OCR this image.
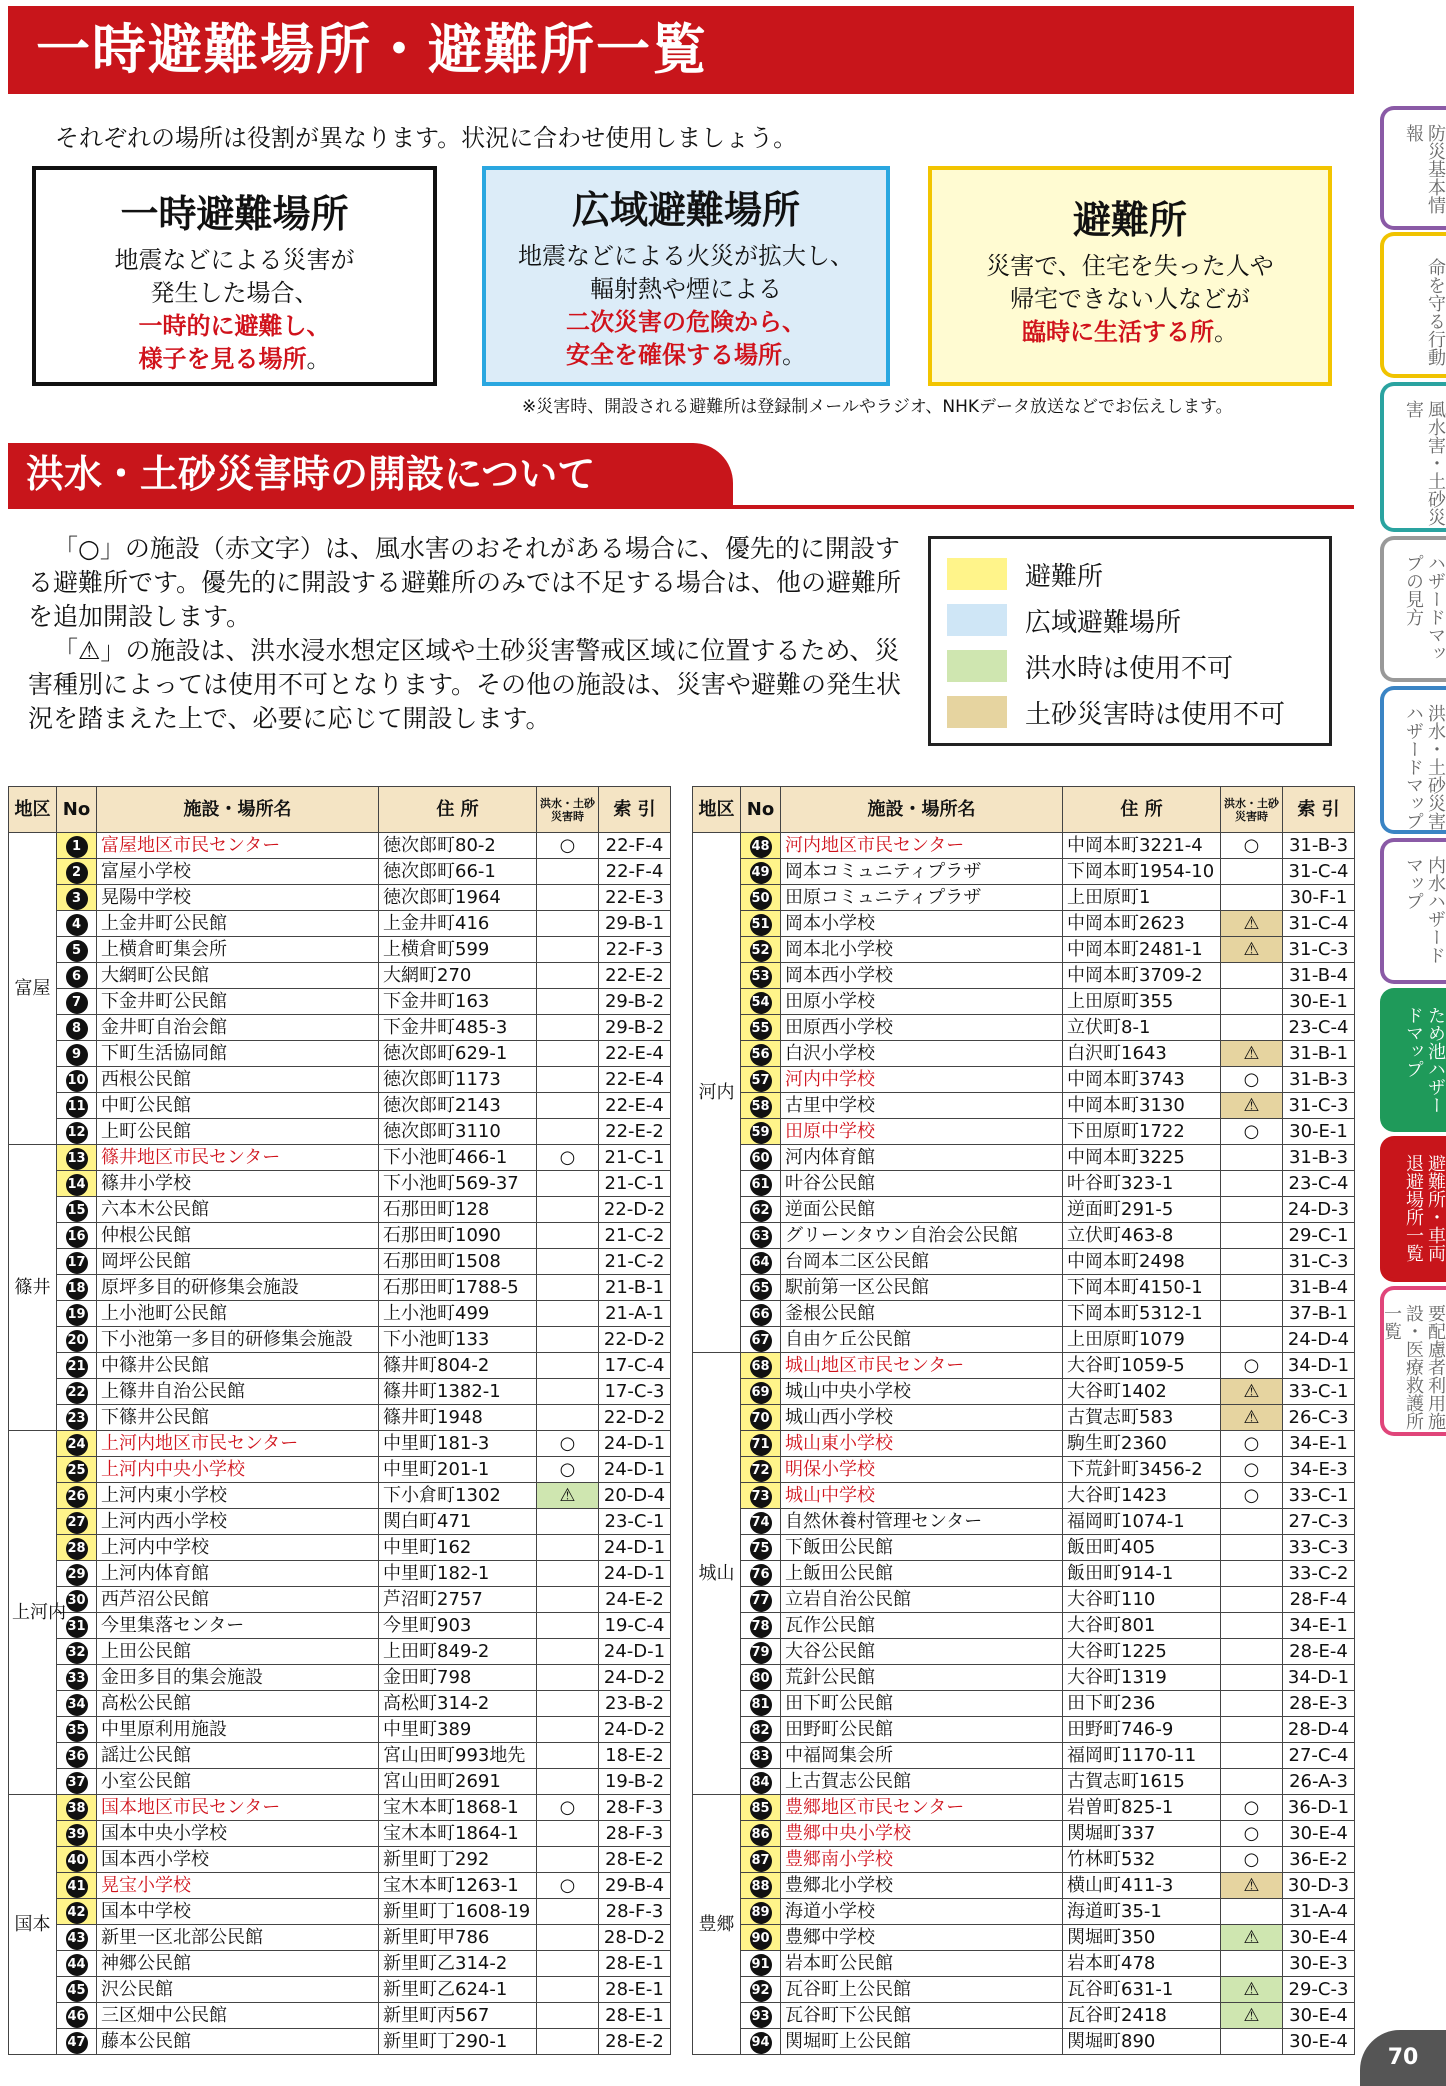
一時避難場所・避難所一覧
それぞれの場所は役割が異なります。状況に合わせ使用しましょう。
一時避難場所
地震などによる災害が
発生した場合、
一時的に避難し、
様子を見る場所。
広域避難場所
地震などによる火災が拡大し、
輻射熱や煙による
二次災害の危険から、
安全を確保する場所。
避難所
災害で、住宅を失った人や
帰宅できない人などが
臨時に生活する所。
※災害時、開設される避難所は登録制メールやラジオ、NHKデータ放送などでお伝えします。
洪水・土砂災害時の開設について

「○」の施設（赤文字）は、風水害のおそれがある場合に、優先的に開設する避難所です。優先的に開設する避難所のみでは不足する場合は、他の避難所を追加開設します。

「⚠」の施設は、洪水浸水想定区域や土砂災害警戒区域に位置するため、災害種別によっては使用不可となります。その他の施設は、災害や避難の発生状況を踏まえた上で、必要に応じて開設します。

避難所
広域避難場所
洪水時は使用不可
土砂災害時は使用不可
地区	No	施設・場所名	住 所	洪水・土砂災害時	索 引
富屋	1	富屋地区市民センター	徳次郎町80-2	○	22-F-4
	2	富屋小学校	徳次郎町66-1		22-F-4
	3	晃陽中学校	徳次郎町1964		22-E-3
	4	上金井町公民館	上金井町416		29-B-1
	5	上横倉町集会所	上横倉町599		22-F-3
	6	大網町公民館	大網町270		22-E-2
	7	下金井町公民館	下金井町163		29-B-2
	8	金井町自治会館	下金井町485-3		29-B-2
	9	下町生活協同館	徳次郎町629-1		22-E-4
	10	西根公民館	徳次郎町1173		22-E-4
	11	中町公民館	徳次郎町2143		22-E-4
	12	上町公民館	徳次郎町3110		22-E-2
篠井	13	篠井地区市民センター	下小池町466-1	○	21-C-1
	14	篠井小学校	下小池町569-37		21-C-1
	15	六本木公民館	石那田町128		22-D-2
	16	仲根公民館	石那田町1090		21-C-2
	17	岡坪公民館	石那田町1508		21-C-2
	18	原坪多目的研修集会施設	石那田町1788-5		21-B-1
	19	上小池町公民館	上小池町499		21-A-1
	20	下小池第一多目的研修集会施設	下小池町133		22-D-2
	21	中篠井公民館	篠井町804-2		17-C-4
	22	上篠井自治公民館	篠井町1382-1		17-C-3
	23	下篠井公民館	篠井町1948		22-D-2
上河内	24	上河内地区市民センター	中里町181-3	○	24-D-1
	25	上河内中央小学校	中里町201-1	○	24-D-1
	26	上河内東小学校	下小倉町1302	⚠	20-D-4
	27	上河内西小学校	関白町471		23-C-1
	28	上河内中学校	中里町162		24-D-1
	29	上河内体育館	中里町182-1		24-D-1
	30	西芦沼公民館	芦沼町2757		24-E-2
	31	今里集落センター	今里町903		19-C-4
	32	上田公民館	上田町849-2		24-D-1
	33	金田多目的集会施設	金田町798		24-D-2
	34	高松公民館	高松町314-2		23-B-2
	35	中里原利用施設	中里町389		24-D-2
	36	謡辻公民館	宮山田町993地先		18-E-2
	37	小室公民館	宮山田町2691		19-B-2
国本	38	国本地区市民センター	宝木本町1868-1	○	28-F-3
	39	国本中央小学校	宝木本町1864-1		28-F-3
	40	国本西小学校	新里町丁292		28-E-2
	41	晃宝小学校	宝木本町1263-1	○	29-B-4
	42	国本中学校	新里町丁1608-19		28-F-3
	43	新里一区北部公民館	新里町甲786		28-D-2
	44	神郷公民館	新里町乙314-2		28-E-1
	45	沢公民館	新里町乙624-1		28-E-1
	46	三区畑中公民館	新里町丙567		28-E-1
	47	藤本公民館	新里町丁290-1		28-E-2
地区	No	施設・場所名	住 所	洪水・土砂災害時	索 引
河内	48	河内地区市民センター	中岡本町3221-4	○	31-B-3
	49	岡本コミュニティプラザ	下岡本町1954-10		31-C-4
	50	田原コミュニティプラザ	上田原町1		30-F-1
	51	岡本小学校	中岡本町2623	⚠	31-C-4
	52	岡本北小学校	中岡本町2481-1	⚠	31-C-3
	53	岡本西小学校	中岡本町3709-2		31-B-4
	54	田原小学校	上田原町355		30-E-1
	55	田原西小学校	立伏町8-1		23-C-4
	56	白沢小学校	白沢町1643	⚠	31-B-1
	57	河内中学校	中岡本町3743	○	31-B-3
	58	古里中学校	中岡本町3130	⚠	31-C-3
	59	田原中学校	下田原町1722	○	30-E-1
	60	河内体育館	中岡本町3225		31-B-3
	61	叶谷公民館	叶谷町323-1		23-C-4
	62	逆面公民館	逆面町291-5		24-D-3
	63	グリーンタウン自治会公民館	立伏町463-8		29-C-1
	64	台岡本二区公民館	中岡本町2498		31-C-3
	65	駅前第一区公民館	下岡本町4150-1		31-B-4
	66	釜根公民館	下岡本町5312-1		37-B-1
	67	自由ケ丘公民館	上田原町1079		24-D-4
城山	68	城山地区市民センター	大谷町1059-5	○	34-D-1
	69	城山中央小学校	大谷町1402	⚠	33-C-1
	70	城山西小学校	古賀志町583	⚠	26-C-3
	71	城山東小学校	駒生町2360	○	34-E-1
	72	明保小学校	下荒針町3456-2	○	34-E-3
	73	城山中学校	大谷町1423	○	33-C-1
	74	自然休養村管理センター	福岡町1074-1		27-C-3
	75	下飯田公民館	飯田町405		33-C-3
	76	上飯田公民館	飯田町914-1		33-C-2
	77	立岩自治公民館	大谷町110		28-F-4
	78	瓦作公民館	大谷町801		34-E-1
	79	大谷公民館	大谷町1225		28-E-4
	80	荒針公民館	大谷町1319		34-D-1
	81	田下町公民館	田下町236		28-E-3
	82	田野町公民館	田野町746-9		28-D-4
	83	中福岡集会所	福岡町1170-11		27-C-4
	84	上古賀志公民館	古賀志町1615		26-A-3
豊郷	85	豊郷地区市民センター	岩曽町825-1	○	36-D-1
	86	豊郷中央小学校	関堀町337	○	30-E-4
	87	豊郷南小学校	竹林町532	○	36-E-2
	88	豊郷北小学校	横山町411-3	⚠	30-D-3
	89	海道小学校	海道町35-1		31-A-4
	90	豊郷中学校	関堀町350	⚠	30-E-4
	91	岩本町公民館	岩本町478		30-E-3
	92	瓦谷町上公民館	瓦谷町631-1	⚠	29-C-3
	93	瓦谷町下公民館	瓦谷町2418	⚠	30-E-4
	94	関堀町上公民館	関堀町890		30-E-4
防災基本情報
命を守る行動
風水害・土砂災害
ハザードマップの見方
洪水・土砂災害ハザードマップ
内水ハザードマップ
ため池ハザードマップ
避難所・車両退避場所一覧
要配慮者利用施設・医療救護所一覧
70
